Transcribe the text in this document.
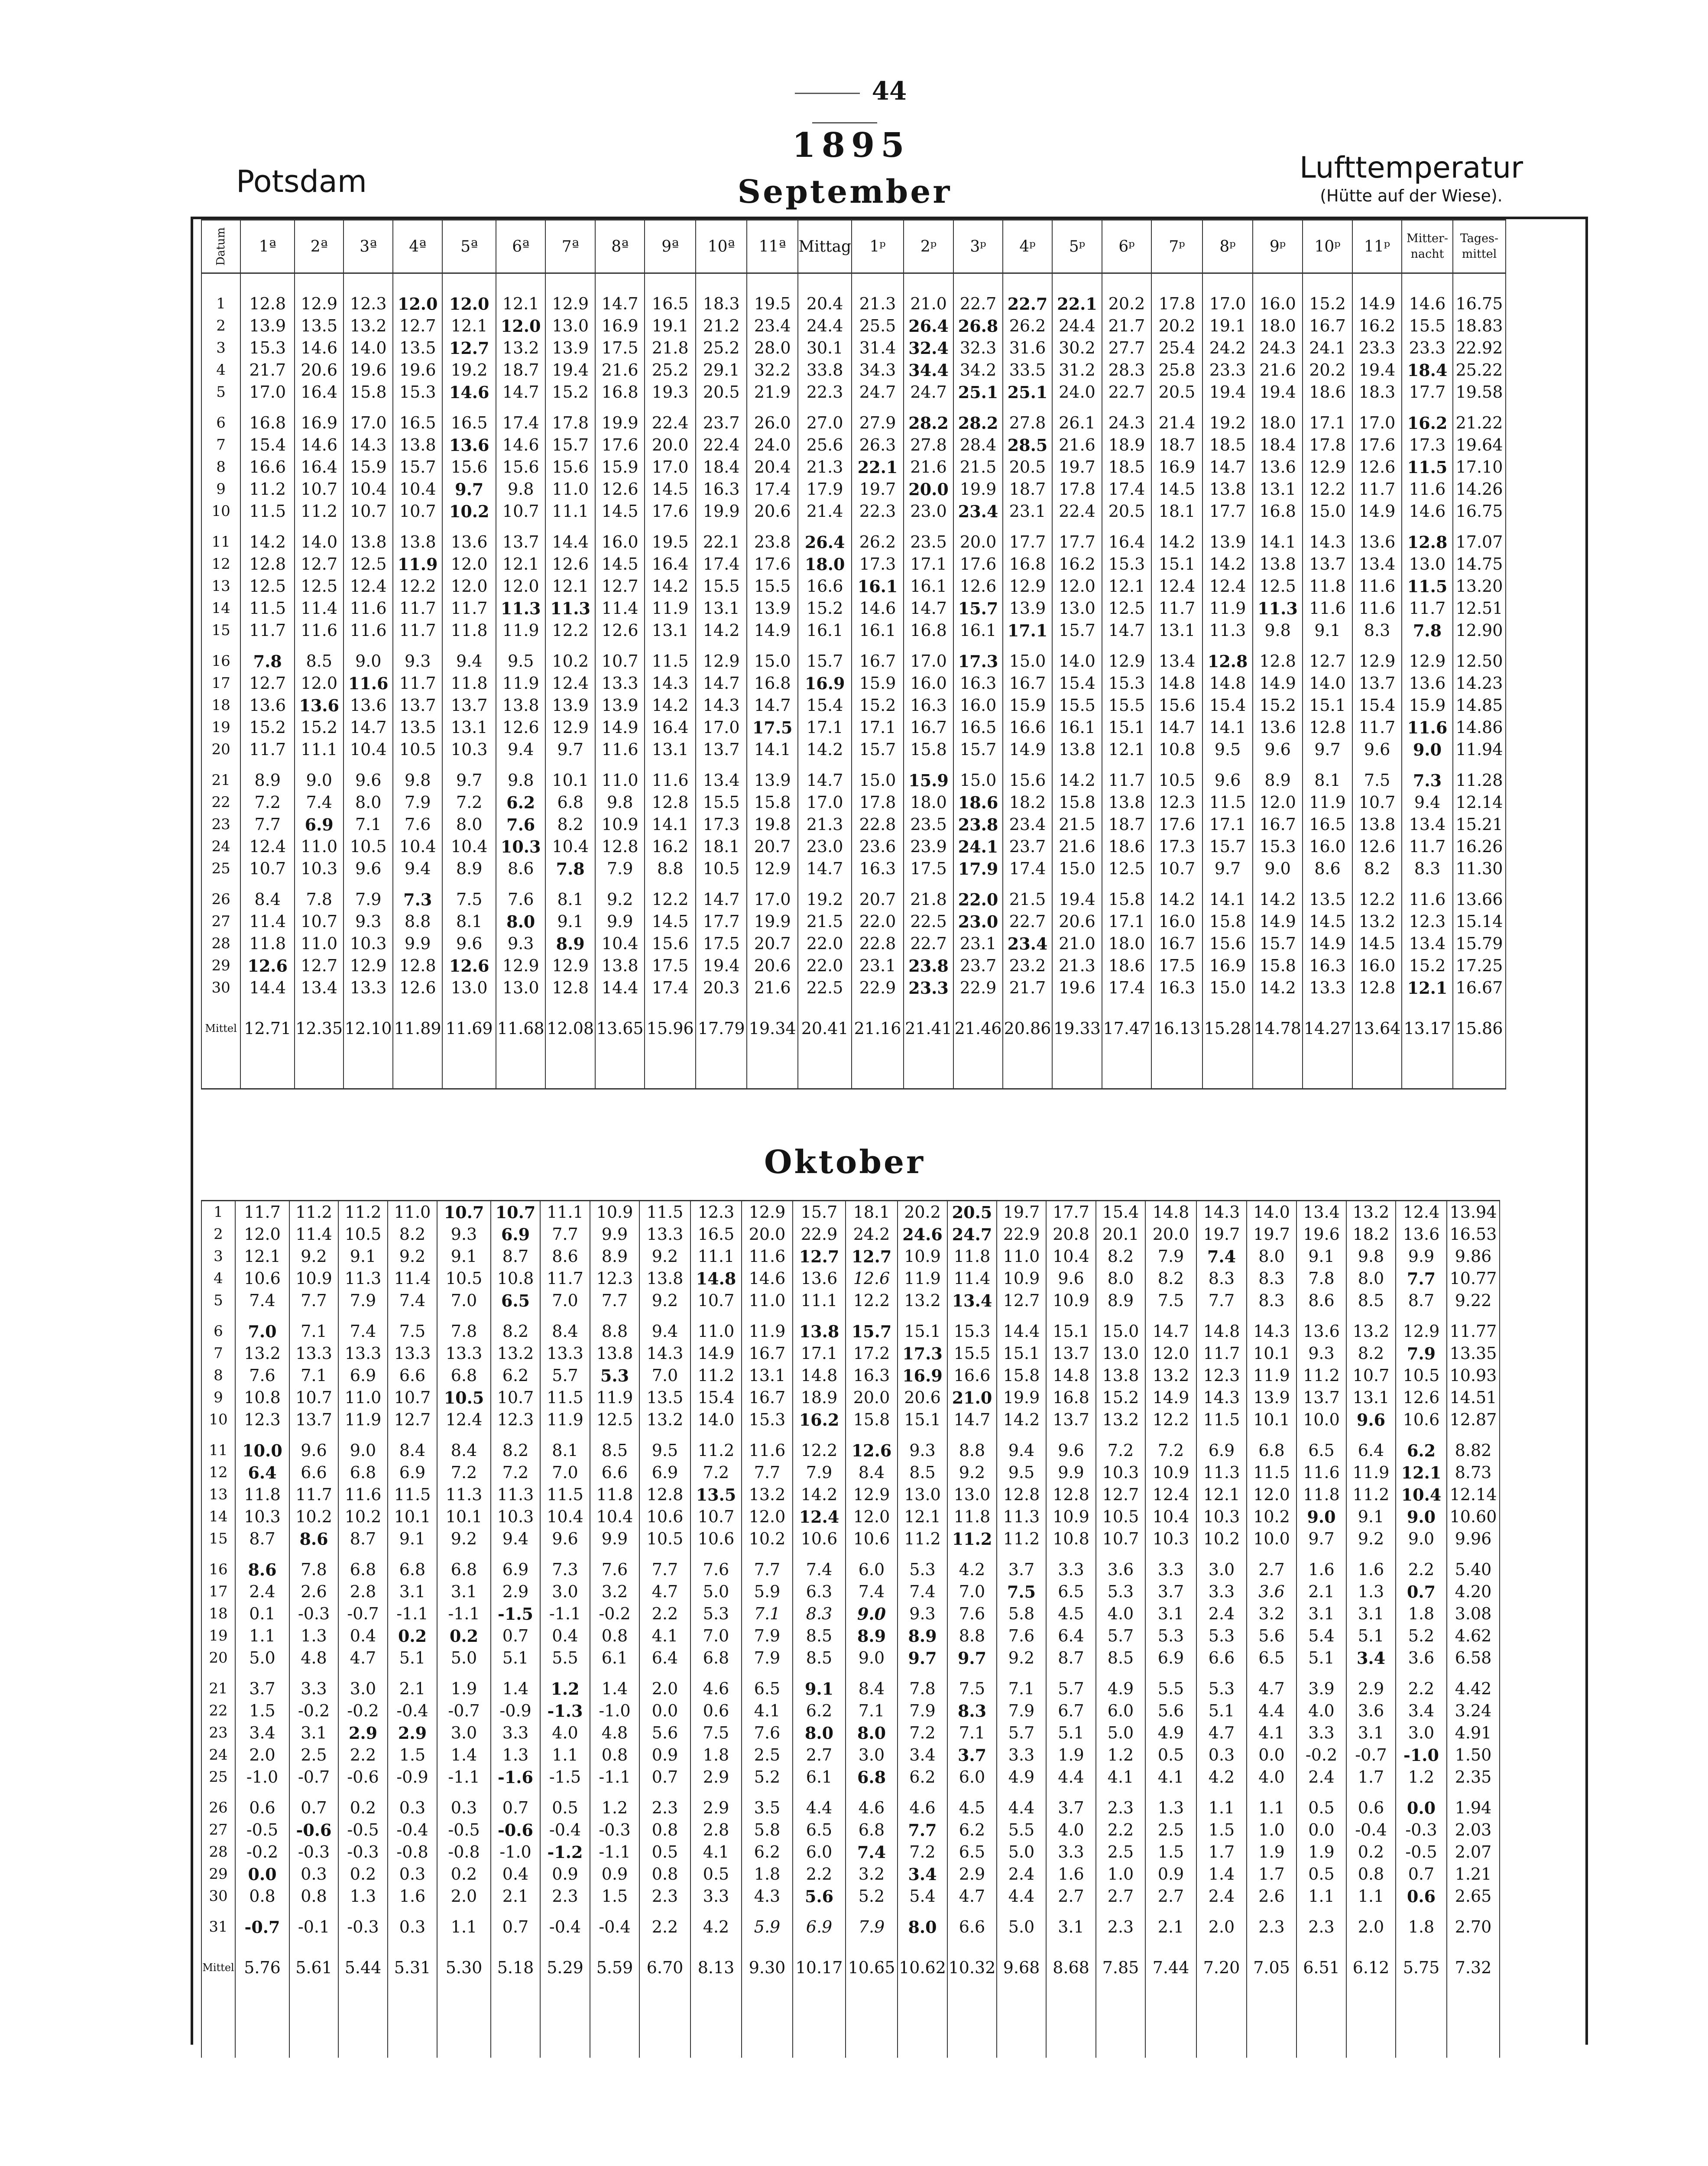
44
1895
Potsdam	Lufttemperatur
(Hütte auf der Wiese).
September
Oktober
Datum	1ª	2ª	3ª	4ª	5ª	6ª	7ª	8ª	9ª	10ª	11ª	Mittag	1ᵖ	2ᵖ	3ᵖ	4ᵖ	5ᵖ	6ᵖ	7ᵖ	8ᵖ	9ᵖ	10ᵖ	11ᵖ	Mitter-nacht	Tages-mittel

1	12.8	12.9	12.3	12.0	12.0	12.1	12.9	14.7	16.5	18.3	19.5	20.4	21.3	21.0	22.7	22.7	22.1	20.2	17.8	17.0	16.0	15.2	14.9	14.6	16.75
2	13.9	13.5	13.2	12.7	12.1	12.0	13.0	16.9	19.1	21.2	23.4	24.4	25.5	26.4	26.8	26.2	24.4	21.7	20.2	19.1	18.0	16.7	16.2	15.5	18.83
3	15.3	14.6	14.0	13.5	12.7	13.2	13.9	17.5	21.8	25.2	28.0	30.1	31.4	32.4	32.3	31.6	30.2	27.7	25.4	24.2	24.3	24.1	23.3	23.3	22.92
4	21.7	20.6	19.6	19.6	19.2	18.7	19.4	21.6	25.2	29.1	32.2	33.8	34.3	34.4	34.2	33.5	31.2	28.3	25.8	23.3	21.6	20.2	19.4	18.4	25.22
5	17.0	16.4	15.8	15.3	14.6	14.7	15.2	16.8	19.3	20.5	21.9	22.3	24.7	24.7	25.1	25.1	24.0	22.7	20.5	19.4	19.4	18.6	18.3	17.7	19.58

6	16.8	16.9	17.0	16.5	16.5	17.4	17.8	19.9	22.4	23.7	26.0	27.0	27.9	28.2	28.2	27.8	26.1	24.3	21.4	19.2	18.0	17.1	17.0	16.2	21.22
7	15.4	14.6	14.3	13.8	13.6	14.6	15.7	17.6	20.0	22.4	24.0	25.6	26.3	27.8	28.4	28.5	21.6	18.9	18.7	18.5	18.4	17.8	17.6	17.3	19.64
8	16.6	16.4	15.9	15.7	15.6	15.6	15.6	15.9	17.0	18.4	20.4	21.3	22.1	21.6	21.5	20.5	19.7	18.5	16.9	14.7	13.6	12.9	12.6	11.5	17.10
9	11.2	10.7	10.4	10.4	9.7	9.8	11.0	12.6	14.5	16.3	17.4	17.9	19.7	20.0	19.9	18.7	17.8	17.4	14.5	13.8	13.1	12.2	11.7	11.6	14.26
10	11.5	11.2	10.7	10.7	10.2	10.7	11.1	14.5	17.6	19.9	20.6	21.4	22.3	23.0	23.4	23.1	22.4	20.5	18.1	17.7	16.8	15.0	14.9	14.6	16.75

11	14.2	14.0	13.8	13.8	13.6	13.7	14.4	16.0	19.5	22.1	23.8	26.4	26.2	23.5	20.0	17.7	17.7	16.4	14.2	13.9	14.1	14.3	13.6	12.8	17.07
12	12.8	12.7	12.5	11.9	12.0	12.1	12.6	14.5	16.4	17.4	17.6	18.0	17.3	17.1	17.6	16.8	16.2	15.3	15.1	14.2	13.8	13.7	13.4	13.0	14.75
13	12.5	12.5	12.4	12.2	12.0	12.0	12.1	12.7	14.2	15.5	15.5	16.6	16.1	16.1	12.6	12.9	12.0	12.1	12.4	12.4	12.5	11.8	11.6	11.5	13.20
14	11.5	11.4	11.6	11.7	11.7	11.3	11.3	11.4	11.9	13.1	13.9	15.2	14.6	14.7	15.7	13.9	13.0	12.5	11.7	11.9	11.3	11.6	11.6	11.7	12.51
15	11.7	11.6	11.6	11.7	11.8	11.9	12.2	12.6	13.1	14.2	14.9	16.1	16.1	16.8	16.1	17.1	15.7	14.7	13.1	11.3	9.8	9.1	8.3	7.8	12.90

16	7.8	8.5	9.0	9.3	9.4	9.5	10.2	10.7	11.5	12.9	15.0	15.7	16.7	17.0	17.3	15.0	14.0	12.9	13.4	12.8	12.8	12.7	12.9	12.9	12.50
17	12.7	12.0	11.6	11.7	11.8	11.9	12.4	13.3	14.3	14.7	16.8	16.9	15.9	16.0	16.3	16.7	15.4	15.3	14.8	14.8	14.9	14.0	13.7	13.6	14.23
18	13.6	13.6	13.6	13.7	13.7	13.8	13.9	13.9	14.2	14.3	14.7	15.4	15.2	16.3	16.0	15.9	15.5	15.5	15.6	15.4	15.2	15.1	15.4	15.9	14.85
19	15.2	15.2	14.7	13.5	13.1	12.6	12.9	14.9	16.4	17.0	17.5	17.1	17.1	16.7	16.5	16.6	16.1	15.1	14.7	14.1	13.6	12.8	11.7	11.6	14.86
20	11.7	11.1	10.4	10.5	10.3	9.4	9.7	11.6	13.1	13.7	14.1	14.2	15.7	15.8	15.7	14.9	13.8	12.1	10.8	9.5	9.6	9.7	9.6	9.0	11.94

21	8.9	9.0	9.6	9.8	9.7	9.8	10.1	11.0	11.6	13.4	13.9	14.7	15.0	15.9	15.0	15.6	14.2	11.7	10.5	9.6	8.9	8.1	7.5	7.3	11.28
22	7.2	7.4	8.0	7.9	7.2	6.2	6.8	9.8	12.8	15.5	15.8	17.0	17.8	18.0	18.6	18.2	15.8	13.8	12.3	11.5	12.0	11.9	10.7	9.4	12.14
23	7.7	6.9	7.1	7.6	8.0	7.6	8.2	10.9	14.1	17.3	19.8	21.3	22.8	23.5	23.8	23.4	21.5	18.7	17.6	17.1	16.7	16.5	13.8	13.4	15.21
24	12.4	11.0	10.5	10.4	10.4	10.3	10.4	12.8	16.2	18.1	20.7	23.0	23.6	23.9	24.1	23.7	21.6	18.6	17.3	15.7	15.3	16.0	12.6	11.7	16.26
25	10.7	10.3	9.6	9.4	8.9	8.6	7.8	7.9	8.8	10.5	12.9	14.7	16.3	17.5	17.9	17.4	15.0	12.5	10.7	9.7	9.0	8.6	8.2	8.3	11.30

26	8.4	7.8	7.9	7.3	7.5	7.6	8.1	9.2	12.2	14.7	17.0	19.2	20.7	21.8	22.0	21.5	19.4	15.8	14.2	14.1	14.2	13.5	12.2	11.6	13.66
27	11.4	10.7	9.3	8.8	8.1	8.0	9.1	9.9	14.5	17.7	19.9	21.5	22.0	22.5	23.0	22.7	20.6	17.1	16.0	15.8	14.9	14.5	13.2	12.3	15.14
28	11.8	11.0	10.3	9.9	9.6	9.3	8.9	10.4	15.6	17.5	20.7	22.0	22.8	22.7	23.1	23.4	21.0	18.0	16.7	15.6	15.7	14.9	14.5	13.4	15.79
29	12.6	12.7	12.9	12.8	12.6	12.9	12.9	13.8	17.5	19.4	20.6	22.0	23.1	23.8	23.7	23.2	21.3	18.6	17.5	16.9	15.8	16.3	16.0	15.2	17.25
30	14.4	13.4	13.3	12.6	13.0	13.0	12.8	14.4	17.4	20.3	21.6	22.5	22.9	23.3	22.9	21.7	19.6	17.4	16.3	15.0	14.2	13.3	12.8	12.1	16.67

Mittel	12.71	12.35	12.10	11.89	11.69	11.68	12.08	13.65	15.96	17.79	19.34	20.41	21.16	21.41	21.46	20.86	19.33	17.47	16.13	15.28	14.78	14.27	13.64	13.17	15.86

1	11.7	11.2	11.2	11.0	10.7	10.7	11.1	10.9	11.5	12.3	12.9	15.7	18.1	20.2	20.5	19.7	17.7	15.4	14.8	14.3	14.0	13.4	13.2	12.4	13.94
2	12.0	11.4	10.5	8.2	9.3	6.9	7.7	9.9	13.3	16.5	20.0	22.9	24.2	24.6	24.7	22.9	20.8	20.1	20.0	19.7	19.7	19.6	18.2	13.6	16.53
3	12.1	9.2	9.1	9.2	9.1	8.7	8.6	8.9	9.2	11.1	11.6	12.7	12.7	10.9	11.8	11.0	10.4	8.2	7.9	7.4	8.0	9.1	9.8	9.9	9.86
4	10.6	10.9	11.3	11.4	10.5	10.8	11.7	12.3	13.8	14.8	14.6	13.6	12.6	11.9	11.4	10.9	9.6	8.0	8.2	8.3	8.3	7.8	8.0	7.7	10.77
5	7.4	7.7	7.9	7.4	7.0	6.5	7.0	7.7	9.2	10.7	11.0	11.1	12.2	13.2	13.4	12.7	10.9	8.9	7.5	7.7	8.3	8.6	8.5	8.7	9.22

6	7.0	7.1	7.4	7.5	7.8	8.2	8.4	8.8	9.4	11.0	11.9	13.8	15.7	15.1	15.3	14.4	15.1	15.0	14.7	14.8	14.3	13.6	13.2	12.9	11.77
7	13.2	13.3	13.3	13.3	13.3	13.2	13.3	13.8	14.3	14.9	16.7	17.1	17.2	17.3	15.5	15.1	13.7	13.0	12.0	11.7	10.1	9.3	8.2	7.9	13.35
8	7.6	7.1	6.9	6.6	6.8	6.2	5.7	5.3	7.0	11.2	13.1	14.8	16.3	16.9	16.6	15.8	14.8	13.8	13.2	12.3	11.9	11.2	10.7	10.5	10.93
9	10.8	10.7	11.0	10.7	10.5	10.7	11.5	11.9	13.5	15.4	16.7	18.9	20.0	20.6	21.0	19.9	16.8	15.2	14.9	14.3	13.9	13.7	13.1	12.6	14.51
10	12.3	13.7	11.9	12.7	12.4	12.3	11.9	12.5	13.2	14.0	15.3	16.2	15.8	15.1	14.7	14.2	13.7	13.2	12.2	11.5	10.1	10.0	9.6	10.6	12.87

11	10.0	9.6	9.0	8.4	8.4	8.2	8.1	8.5	9.5	11.2	11.6	12.2	12.6	9.3	8.8	9.4	9.6	7.2	7.2	6.9	6.8	6.5	6.4	6.2	8.82
12	6.4	6.6	6.8	6.9	7.2	7.2	7.0	6.6	6.9	7.2	7.7	7.9	8.4	8.5	9.2	9.5	9.9	10.3	10.9	11.3	11.5	11.6	11.9	12.1	8.73
13	11.8	11.7	11.6	11.5	11.3	11.3	11.5	11.8	12.8	13.5	13.2	14.2	12.9	13.0	13.0	12.8	12.8	12.7	12.4	12.1	12.0	11.8	11.2	10.4	12.14
14	10.3	10.2	10.2	10.1	10.1	10.3	10.4	10.4	10.6	10.7	12.0	12.4	12.0	12.1	11.8	11.3	10.9	10.5	10.4	10.3	10.2	9.0	9.1	9.0	10.60
15	8.7	8.6	8.7	9.1	9.2	9.4	9.6	9.9	10.5	10.6	10.2	10.6	10.6	11.2	11.2	11.2	10.8	10.7	10.3	10.2	10.0	9.7	9.2	9.0	9.96

16	8.6	7.8	6.8	6.8	6.8	6.9	7.3	7.6	7.7	7.6	7.7	7.4	6.0	5.3	4.2	3.7	3.3	3.6	3.3	3.0	2.7	1.6	1.6	2.2	5.40
17	2.4	2.6	2.8	3.1	3.1	2.9	3.0	3.2	4.7	5.0	5.9	6.3	7.4	7.4	7.0	7.5	6.5	5.3	3.7	3.3	3.6	2.1	1.3	0.7	4.20
18	0.1	-0.3	-0.7	-1.1	-1.1	-1.5	-1.1	-0.2	2.2	5.3	7.1	8.3	9.0	9.3	7.6	5.8	4.5	4.0	3.1	2.4	3.2	3.1	3.1	1.8	3.08
19	1.1	1.3	0.4	0.2	0.2	0.7	0.4	0.8	4.1	7.0	7.9	8.5	8.9	8.9	8.8	7.6	6.4	5.7	5.3	5.3	5.6	5.4	5.1	5.2	4.62
20	5.0	4.8	4.7	5.1	5.0	5.1	5.5	6.1	6.4	6.8	7.9	8.5	9.0	9.7	9.7	9.2	8.7	8.5	6.9	6.6	6.5	5.1	3.4	3.6	6.58

21	3.7	3.3	3.0	2.1	1.9	1.4	1.2	1.4	2.0	4.6	6.5	9.1	8.4	7.8	7.5	7.1	5.7	4.9	5.5	5.3	4.7	3.9	2.9	2.2	4.42
22	1.5	-0.2	-0.2	-0.4	-0.7	-0.9	-1.3	-1.0	0.0	0.6	4.1	6.2	7.1	7.9	8.3	7.9	6.7	6.0	5.6	5.1	4.4	4.0	3.6	3.4	3.24
23	3.4	3.1	2.9	2.9	3.0	3.3	4.0	4.8	5.6	7.5	7.6	8.0	8.0	7.2	7.1	5.7	5.1	5.0	4.9	4.7	4.1	3.3	3.1	3.0	4.91
24	2.0	2.5	2.2	1.5	1.4	1.3	1.1	0.8	0.9	1.8	2.5	2.7	3.0	3.4	3.7	3.3	1.9	1.2	0.5	0.3	0.0	-0.2	-0.7	-1.0	1.50
25	-1.0	-0.7	-0.6	-0.9	-1.1	-1.6	-1.5	-1.1	0.7	2.9	5.2	6.1	6.8	6.2	6.0	4.9	4.4	4.1	4.1	4.2	4.0	2.4	1.7	1.2	2.35

26	0.6	0.7	0.2	0.3	0.3	0.7	0.5	1.2	2.3	2.9	3.5	4.4	4.6	4.6	4.5	4.4	3.7	2.3	1.3	1.1	1.1	0.5	0.6	0.0	1.94
27	-0.5	-0.6	-0.5	-0.4	-0.5	-0.6	-0.4	-0.3	0.8	2.8	5.8	6.5	6.8	7.7	6.2	5.5	4.0	2.2	2.5	1.5	1.0	0.0	-0.4	-0.3	2.03
28	-0.2	-0.3	-0.3	-0.8	-0.8	-1.0	-1.2	-1.1	0.5	4.1	6.2	6.0	7.4	7.2	6.5	5.0	3.3	2.5	1.5	1.7	1.9	1.9	0.2	-0.5	2.07
29	0.0	0.3	0.2	0.3	0.2	0.4	0.9	0.9	0.8	0.5	1.8	2.2	3.2	3.4	2.9	2.4	1.6	1.0	0.9	1.4	1.7	0.5	0.8	0.7	1.21
30	0.8	0.8	1.3	1.6	2.0	2.1	2.3	1.5	2.3	3.3	4.3	5.6	5.2	5.4	4.7	4.4	2.7	2.7	2.7	2.4	2.6	1.1	1.1	0.6	2.65

31	-0.7	-0.1	-0.3	0.3	1.1	0.7	-0.4	-0.4	2.2	4.2	5.9	6.9	7.9	8.0	6.6	5.0	3.1	2.3	2.1	2.0	2.3	2.3	2.0	1.8	2.70

Mittel	5.76	5.61	5.44	5.31	5.30	5.18	5.29	5.59	6.70	8.13	9.30	10.17	10.65	10.62	10.32	9.68	8.68	7.85	7.44	7.20	7.05	6.51	6.12	5.75	7.32
